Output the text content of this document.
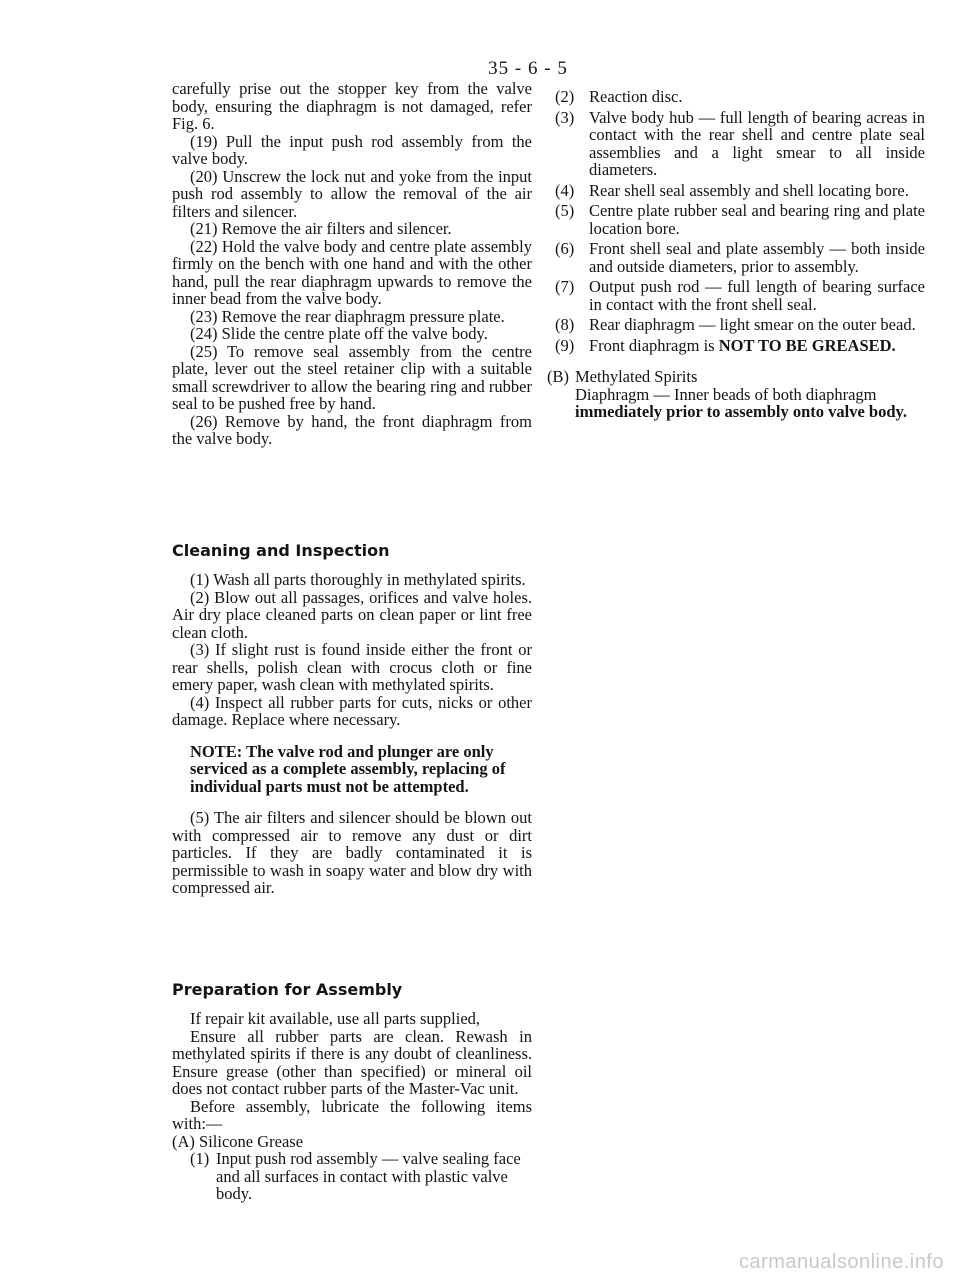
35 - 6 - 5

carefully prise out the stopper key from the valve body, ensuring the diaphragm is not damaged, refer Fig. 6.

(19) Pull the input push rod assembly from the valve body.

(20) Unscrew the lock nut and yoke from the input push rod assembly to allow the removal of the air filters and silencer.

(21) Remove the air filters and silencer.

(22) Hold the valve body and centre plate assembly firmly on the bench with one hand and with the other hand, pull the rear diaphragm upwards to remove the inner bead from the valve body.

(23) Remove the rear diaphragm pressure plate.

(24) Slide the centre plate off the valve body.

(25) To remove seal assembly from the centre plate, lever out the steel retainer clip with a suitable small screwdriver to allow the bearing ring and rubber seal to be pushed free by hand.

(26) Remove by hand, the front diaphragm from the valve body.

Cleaning and Inspection

(1) Wash all parts thoroughly in methylated spirits.

(2) Blow out all passages, orifices and valve holes. Air dry place cleaned parts on clean paper or lint free clean cloth.

(3) If slight rust is found inside either the front or rear shells, polish clean with crocus cloth or fine emery paper, wash clean with methylated spirits.

(4) Inspect all rubber parts for cuts, nicks or other damage. Replace where necessary.

NOTE: The valve rod and plunger are only serviced as a complete assembly, replacing of individual parts must not be attempted.

(5) The air filters and silencer should be blown out with compressed air to remove any dust or dirt particles. If they are badly contaminated it is permissible to wash in soapy water and blow dry with compressed air.

Preparation for Assembly

If repair kit available, use all parts supplied,

Ensure all rubber parts are clean. Rewash in methylated spirits if there is any doubt of cleanliness. Ensure grease (other than specified) or mineral oil does not contact rubber parts of the Master-Vac unit.

Before assembly, lubricate the following items with:—

(A) Silicone Grease

(1) Input push rod assembly — valve sealing face and all surfaces in contact with plastic valve body.
(2) Reaction disc.
(3) Valve body hub — full length of bearing acreas in contact with the rear shell and centre plate seal assemblies and a light smear to all inside diameters.
(4) Rear shell seal assembly and shell locating bore.
(5) Centre plate rubber seal and bearing ring and plate location bore.
(6) Front shell seal and plate assembly — both inside and outside diameters, prior to assembly.
(7) Output push rod — full length of bearing surface in contact with the front shell seal.
(8) Rear diaphragm — light smear on the outer bead.
(9) Front diaphragm is NOT TO BE GREASED.
(B) Methylated Spirits
Diaphragm — Inner beads of both diaphragm immediately prior to assembly onto valve body.
carmanualsonline.info
